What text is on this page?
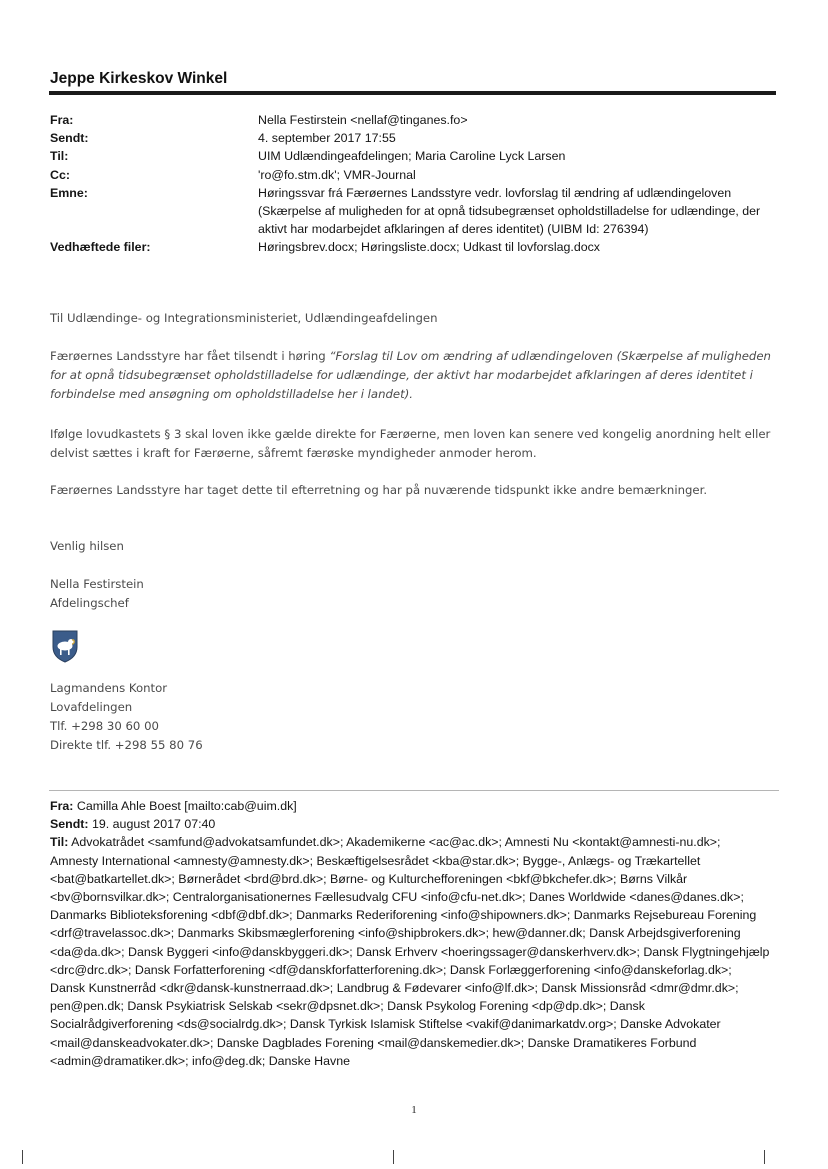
Jeppe Kirkeskov Winkel
Fra:	Nella Festirstein <nellaf@tinganes.fo>
Sendt:	4. september 2017 17:55
Til:	UIM Udlændingeafdelingen; Maria Caroline Lyck Larsen
Cc:	'ro@fo.stm.dk'; VMR-Journal
Emne:	Høringssvar frá Færøernes Landsstyre vedr. lovforslag til ændring af udlændingeloven (Skærpelse af muligheden for at opnå tidsubegrænset opholdstilladelse for udlændinge, der aktivt har modarbejdet afklaringen af deres identitet) (UIBM Id: 276394)
Vedhæftede filer:	Høringsbrev.docx; Høringsliste.docx; Udkast til lovforslag.docx

Til Udlændinge- og Integrationsministeriet, Udlændingeafdelingen

Færøernes Landsstyre har fået tilsendt i høring “Forslag til Lov om ændring af udlændingeloven (Skærpelse af muligheden for at opnå tidsubegrænset opholdstilladelse for udlændinge, der aktivt har modarbejdet afklaringen af deres identitet i forbindelse med ansøgning om opholdstilladelse her i landet).

Ifølge lovudkastets § 3 skal loven ikke gælde direkte for Færøerne, men loven kan senere ved kongelig anordning helt eller delvist sættes i kraft for Færøerne, såfremt færøske myndigheder anmoder herom.

Færøernes Landsstyre har taget dette til efterretning og har på nuværende tidspunkt ikke andre bemærkninger.

Venlig hilsen

Nella Festirstein
Afdelingschef
Lagmandens Kontor
Lovafdelingen
Tlf. +298 30 60 00
Direkte tlf. +298 55 80 76

Fra: Camilla Ahle Boest [mailto:cab@uim.dk]

Sendt: 19. august 2017 07:40

Til: Advokatrådet <samfund@advokatsamfundet.dk>; Akademikerne <ac@ac.dk>; Amnesti Nu <kontakt@amnesti-nu.dk>; Amnesty International <amnesty@amnesty.dk>; Beskæftigelsesrådet <kba@star.dk>; Bygge-, Anlægs- og Trækartellet <bat@batkartellet.dk>; Børnerådet <brd@brd.dk>; Børne- og Kulturchefforeningen <bkf@bkchefer.dk>; Børns Vilkår <bv@bornsvilkar.dk>; Centralorganisationernes Fællesudvalg CFU <info@cfu-net.dk>; Danes Worldwide <danes@danes.dk>; Danmarks Biblioteksforening <dbf@dbf.dk>; Danmarks Rederiforening <info@shipowners.dk>; Danmarks Rejsebureau Forening <drf@travelassoc.dk>; Danmarks Skibsmæglerforening <info@shipbrokers.dk>; hew@danner.dk; Dansk Arbejdsgiverforening <da@da.dk>; Dansk Byggeri <info@danskbyggeri.dk>; Dansk Erhverv <hoeringssager@danskerhverv.dk>; Dansk Flygtningehjælp <drc@drc.dk>; Dansk Forfatterforening <df@danskforfatterforening.dk>; Dansk Forlæggerforening <info@danskeforlag.dk>; Dansk Kunstnerråd <dkr@dansk-kunstnerraad.dk>; Landbrug & Fødevarer <info@lf.dk>; Dansk Missionsråd <dmr@dmr.dk>; pen@pen.dk; Dansk Psykiatrisk Selskab <sekr@dpsnet.dk>; Dansk Psykolog Forening <dp@dp.dk>; Dansk Socialrådgiverforening <ds@socialrdg.dk>; Dansk Tyrkisk Islamisk Stiftelse <vakif@danimarkatdv.org>; Danske Advokater <mail@danskeadvokater.dk>; Danske Dagblades Forening <mail@danskemedier.dk>; Danske Dramatikeres Forbund <admin@dramatiker.dk>; info@deg.dk; Danske Havne

1
